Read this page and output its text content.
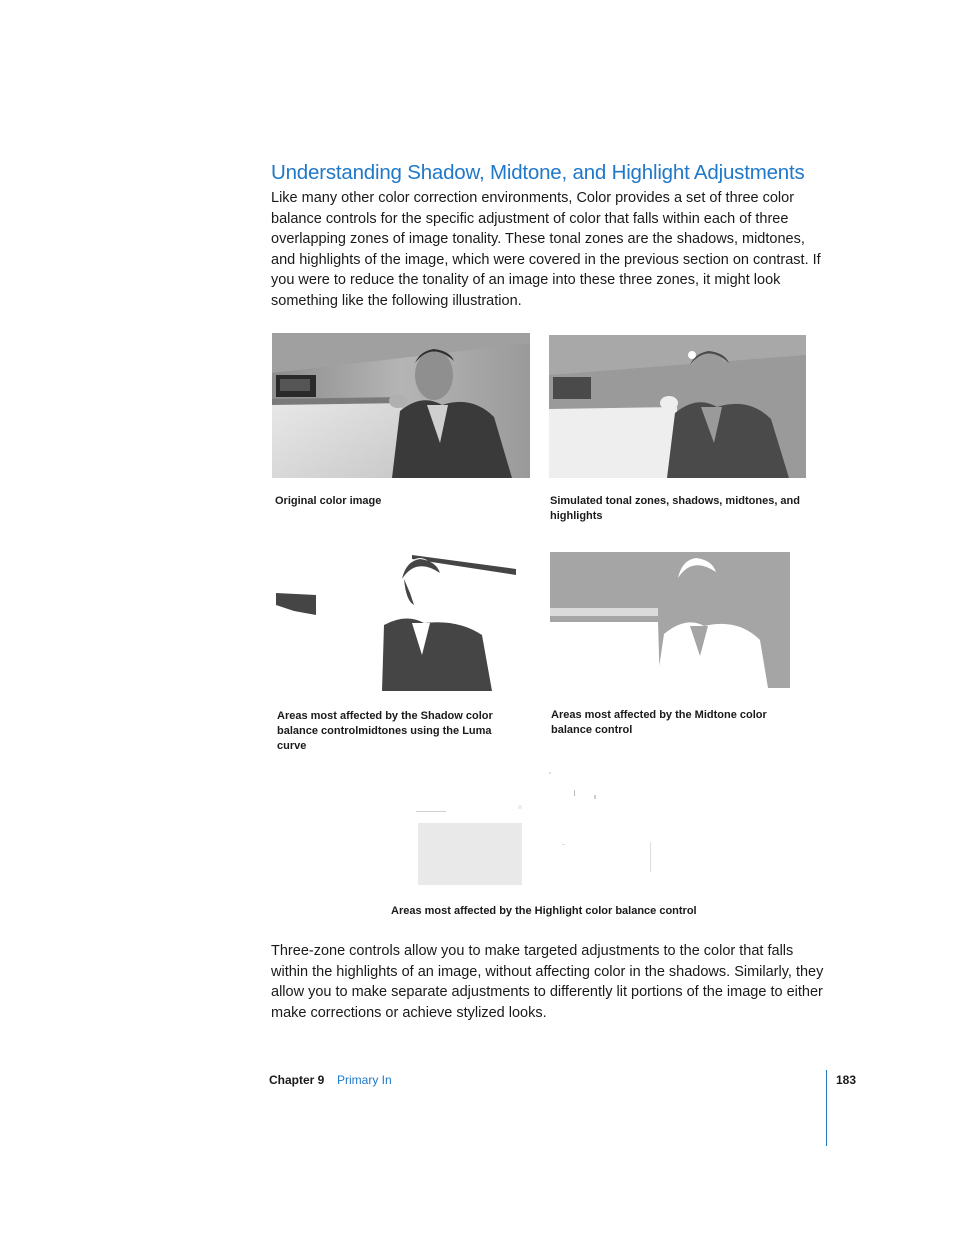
Understanding Shadow, Midtone, and Highlight Adjustments

Like many other color correction environments, Color provides a set of three color balance controls for the specific adjustment of color that falls within each of three overlapping zones of image tonality. These tonal zones are the shadows, midtones, and highlights of the image, which were covered in the previous section on contrast. If you were to reduce the tonality of an image into these three zones, it might look something like the following illustration.

Original color image	Simulated tonal zones, shadows, midtones, and highlights

Areas most affected by the Shadow color balance controlmidtones using the Luma curve

Areas most affected by the Midtone color balance control

Areas most affected by the Highlight color balance control

Three-zone controls allow you to make targeted adjustments to the color that falls within the highlights of an image, without affecting color in the shadows. Similarly, they allow you to make separate adjustments to differently lit portions of the image to either make corrections or achieve stylized looks.

Chapter 9 Primary In	183
